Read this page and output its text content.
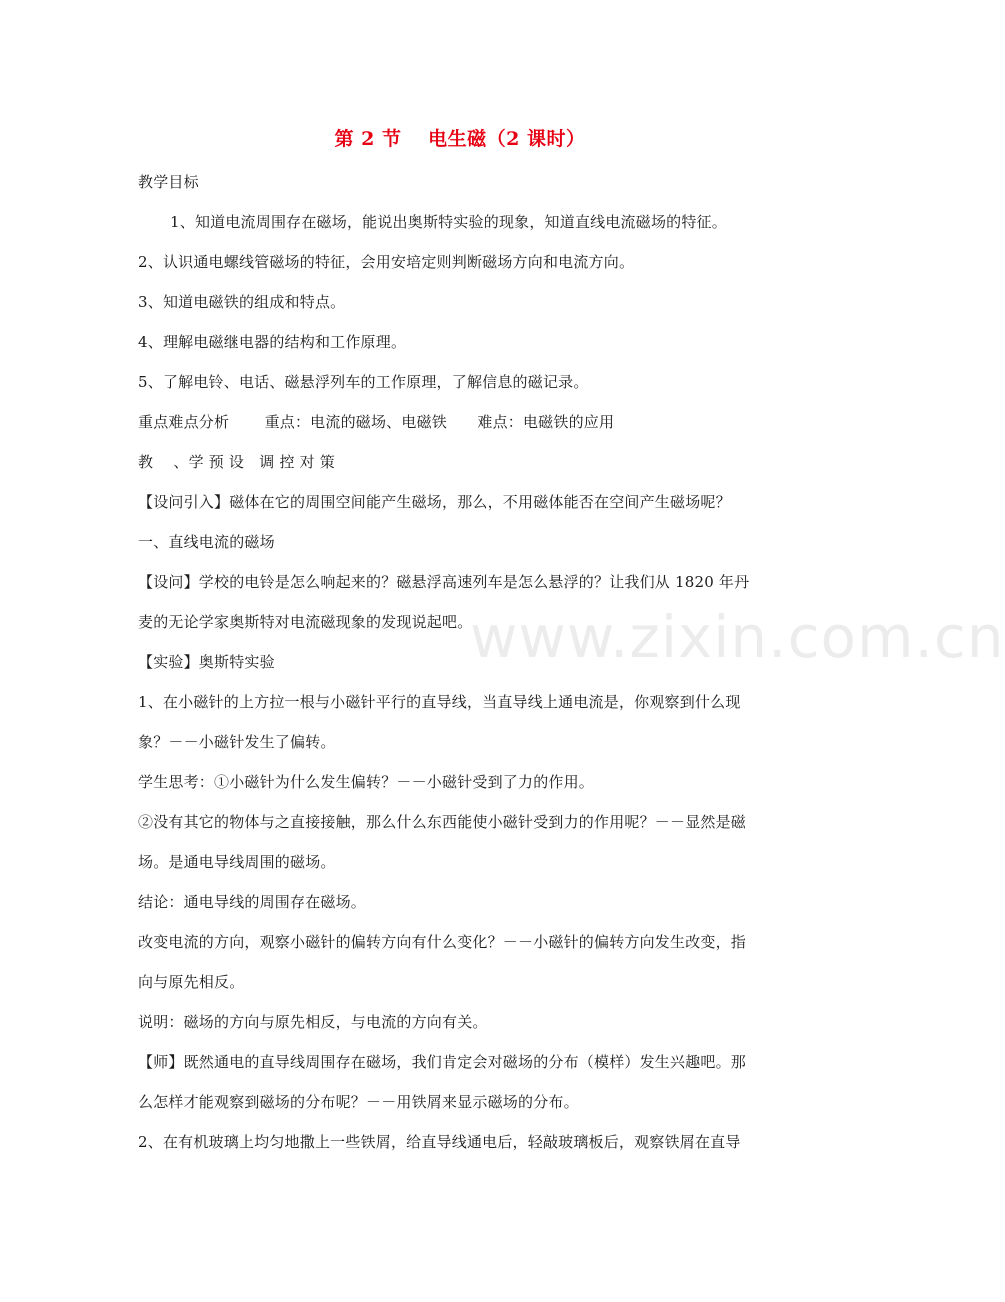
第 2 节　 电生磁（2 课时）
教学目标
1、知道电流周围存在磁场，能说出奥斯特实验的现象，知道直线电流磁场的特征。
2、认识通电螺线管磁场的特征，会用安培定则判断磁场方向和电流方向。
3、知道电磁铁的组成和特点。
4、理解电磁继电器的结构和工作原理。
5、了解电铃、电话、磁悬浮列车的工作原理，了解信息的磁记录。
重点难点分析　　 重点：电流的磁场、电磁铁　　难点：电磁铁的应用
教　 、学 预 设　调 控 对 策
【设问引入】磁体在它的周围空间能产生磁场，那么，不用磁体能否在空间产生磁场呢？
一、直线电流的磁场
【设问】学校的电铃是怎么响起来的？磁悬浮高速列车是怎么悬浮的？让我们从 1820 年丹
麦的无论学家奥斯特对电流磁现象的发现说起吧。
【实验】奥斯特实验
1、在小磁针的上方拉一根与小磁针平行的直导线，当直导线上通电流是，你观察到什么现
象？－－小磁针发生了偏转。
学生思考：①小磁针为什么发生偏转？－－小磁针受到了力的作用。
②没有其它的物体与之直接接触，那么什么东西能使小磁针受到力的作用呢？－－显然是磁
场。是通电导线周围的磁场。
结论：通电导线的周围存在磁场。
改变电流的方向，观察小磁针的偏转方向有什么变化？－－小磁针的偏转方向发生改变，指
向与原先相反。
说明：磁场的方向与原先相反，与电流的方向有关。
【师】既然通电的直导线周围存在磁场，我们肯定会对磁场的分布（模样）发生兴趣吧。那
么怎样才能观察到磁场的分布呢？－－用铁屑来显示磁场的分布。
2、在有机玻璃上均匀地撒上一些铁屑，给直导线通电后，轻敲玻璃板后，观察铁屑在直导
www.zixin.com.cn
